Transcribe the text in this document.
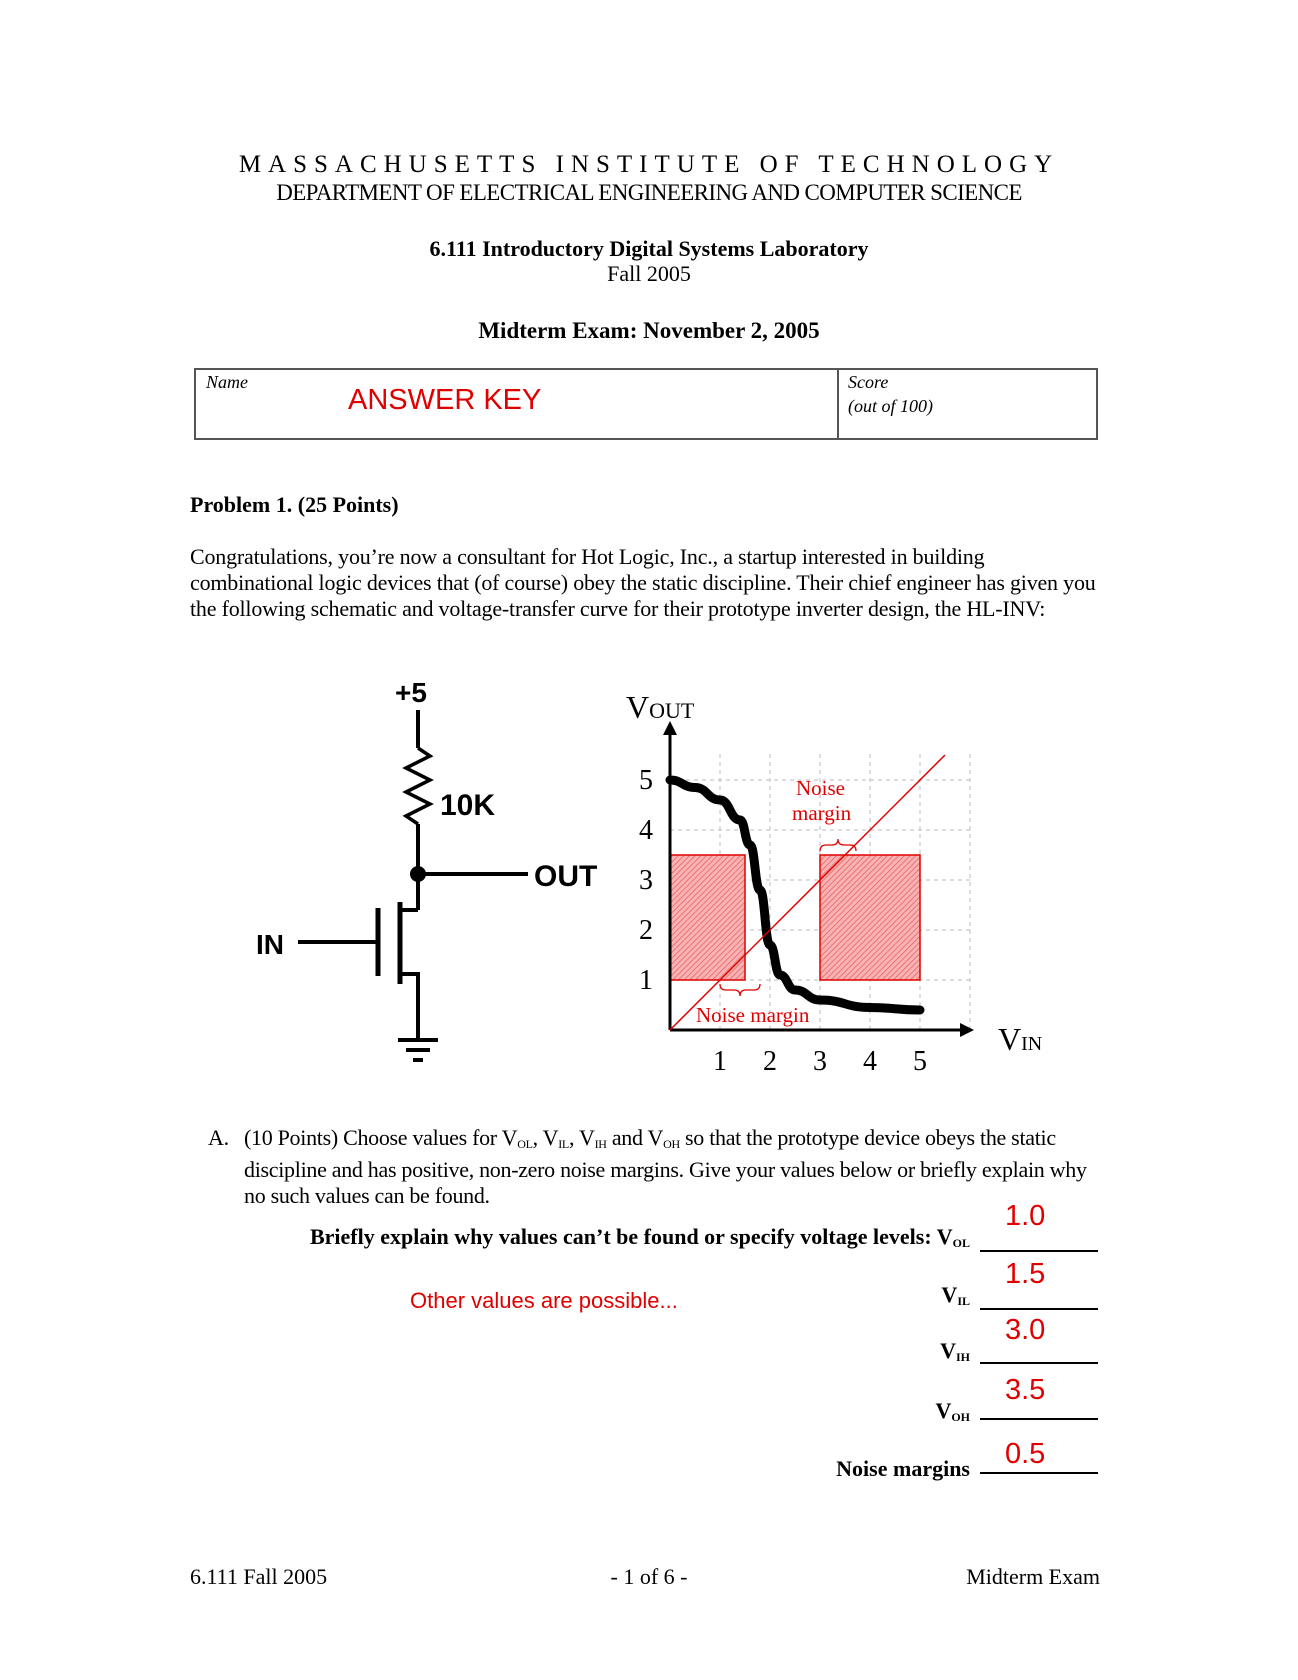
MASSACHUSETTS INSTITUTE OF TECHNOLOGY
DEPARTMENT OF ELECTRICAL ENGINEERING AND COMPUTER SCIENCE
6.111 Introductory Digital Systems Laboratory
Fall 2005
Midterm Exam: November 2, 2005
Name
ANSWER KEY
Score
(out of 100)
Problem 1. (25 Points)
Congratulations, you’re now a consultant for Hot Logic, Inc., a startup interested in building combinational logic devices that (of course) obey the static discipline. Their chief engineer has given you the following schematic and voltage-transfer curve for their prototype inverter design, the HL-INV:
+5
10K
OUT
IN
5
4
3
2
1
1 2 3 4 5
VOUT
VIN
Noise
margin
Noise margin
A. (10 Points) Choose values for $V_{OL}$, $V_{IL}$, $V_{IH}$ and $V_{OH}$ so that the prototype device obeys the static discipline and has positive, non-zero noise margins. Give your values below or briefly explain why no such values can be found.
Briefly explain why values can’t be found or specify voltage levels: $V_{OL}$
1.0
Other values are possible...	$V_{IL}$
1.5
$V_{IH}$
3.0
$V_{OH}$
3.5
Noise margins 0.5
6.111 Fall 2005	- 1 of 6 -	Midterm Exam
